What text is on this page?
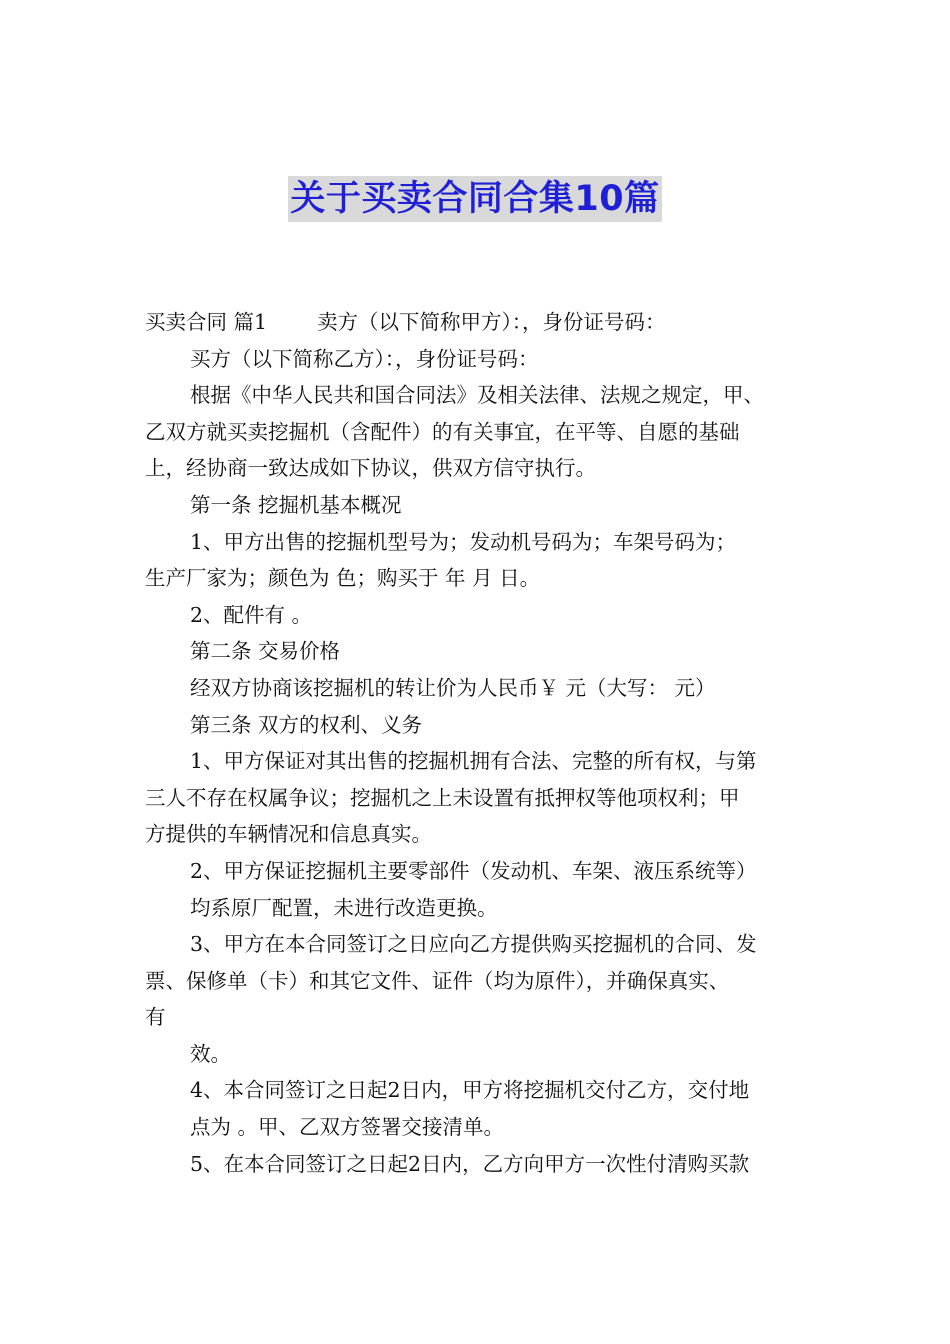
关于买卖合同合集10篇
买卖合同 篇1 卖方（以下简称甲方）：，身份证号码：
买方（以下简称乙方）：，身份证号码：
根据《中华人民共和国合同法》及相关法律、法规之规定，甲、
乙双方就买卖挖掘机（含配件）的有关事宜，在平等、自愿的基础
上，经协商一致达成如下协议，供双方信守执行。
第一条 挖掘机基本概况
1、甲方出售的挖掘机型号为；发动机号码为；车架号码为；
生产厂家为；颜色为 色；购买于 年 月 日。
2、配件有 。
第二条 交易价格
经双方协商该挖掘机的转让价为人民币￥ 元（大写： 元）
第三条 双方的权利、义务
1、甲方保证对其出售的挖掘机拥有合法、完整的所有权，与第
三人不存在权属争议；挖掘机之上未设置有抵押权等他项权利；甲
方提供的车辆情况和信息真实。
2、甲方保证挖掘机主要零部件（发动机、车架、液压系统等）
均系原厂配置，未进行改造更换。
3、甲方在本合同签订之日应向乙方提供购买挖掘机的合同、发
票、保修单（卡）和其它文件、证件（均为原件），并确保真实、
有
效。
4、本合同签订之日起2日内，甲方将挖掘机交付乙方，交付地
点为 。甲、乙双方签署交接清单。
5、在本合同签订之日起2日内，乙方向甲方一次性付清购买款
